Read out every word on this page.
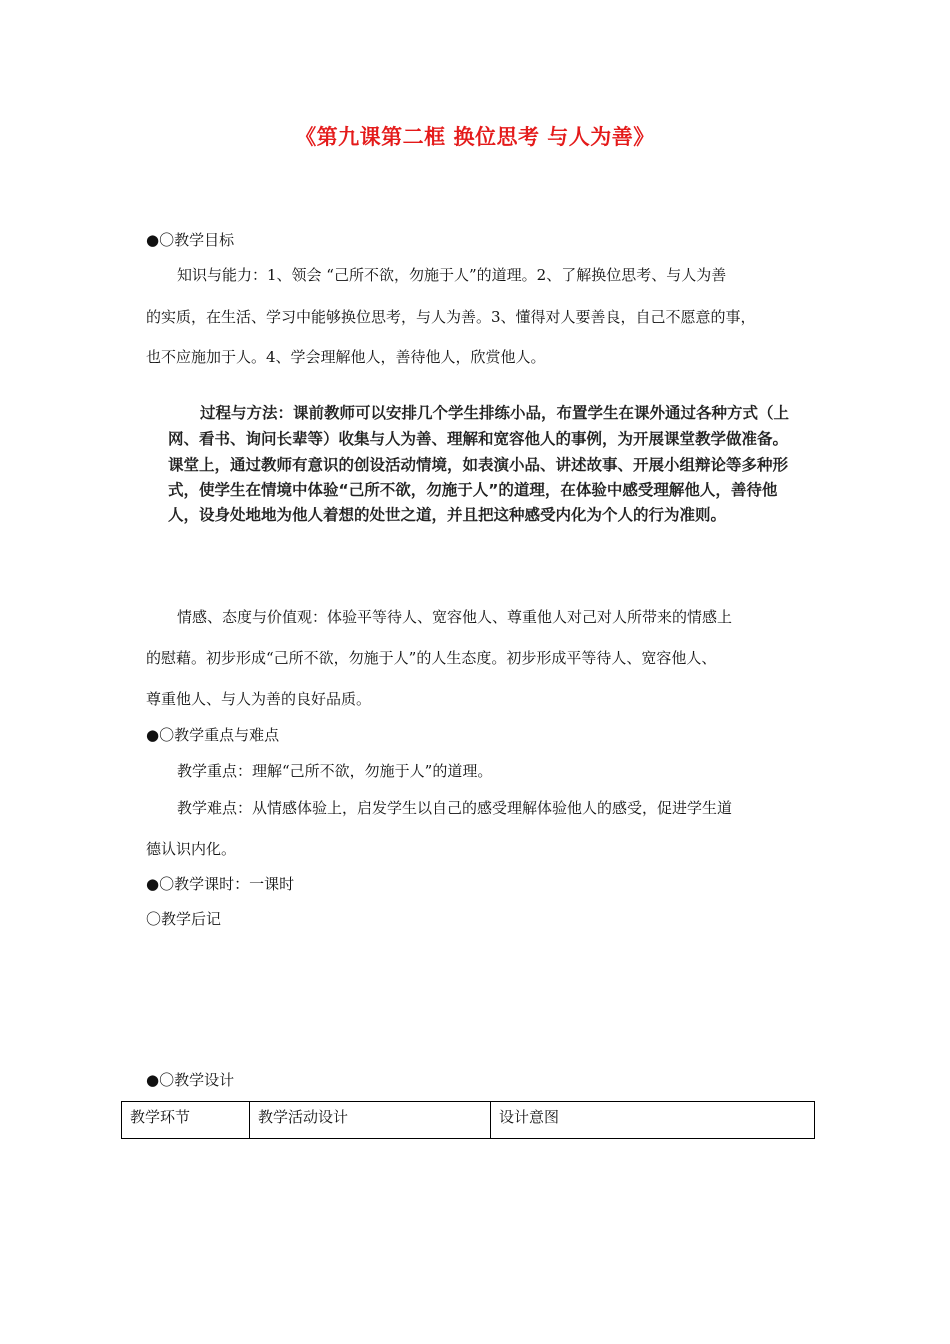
《第九课第二框 换位思考 与人为善》
●〇教学目标
知识与能力：1、领会 “己所不欲，勿施于人”的道理。2、了解换位思考、与人为善
的实质，在生活、学习中能够换位思考，与人为善。3、懂得对人要善良，自己不愿意的事，
也不应施加于人。4、学会理解他人，善待他人，欣赏他人。
过程与方法：课前教师可以安排几个学生排练小品，布置学生在课外通过各种方式（上
网、看书、询问长辈等）收集与人为善、理解和宽容他人的事例，为开展课堂教学做准备。
课堂上，通过教师有意识的创设活动情境，如表演小品、讲述故事、开展小组辩论等多种形
式，使学生在情境中体验“己所不欲，勿施于人”的道理，在体验中感受理解他人，善待他
人，设身处地地为他人着想的处世之道，并且把这种感受内化为个人的行为准则。
情感、态度与价值观：体验平等待人、宽容他人、尊重他人对己对人所带来的情感上
的慰藉。初步形成“己所不欲，勿施于人”的人生态度。初步形成平等待人、宽容他人、
尊重他人、与人为善的良好品质。
●〇教学重点与难点
教学重点：理解“己所不欲，勿施于人”的道理。
教学难点：从情感体验上，启发学生以自己的感受理解体验他人的感受，促进学生道
德认识内化。
●〇教学课时：一课时
〇教学后记
●〇教学设计
教学环节	教学活动设计	设计意图
